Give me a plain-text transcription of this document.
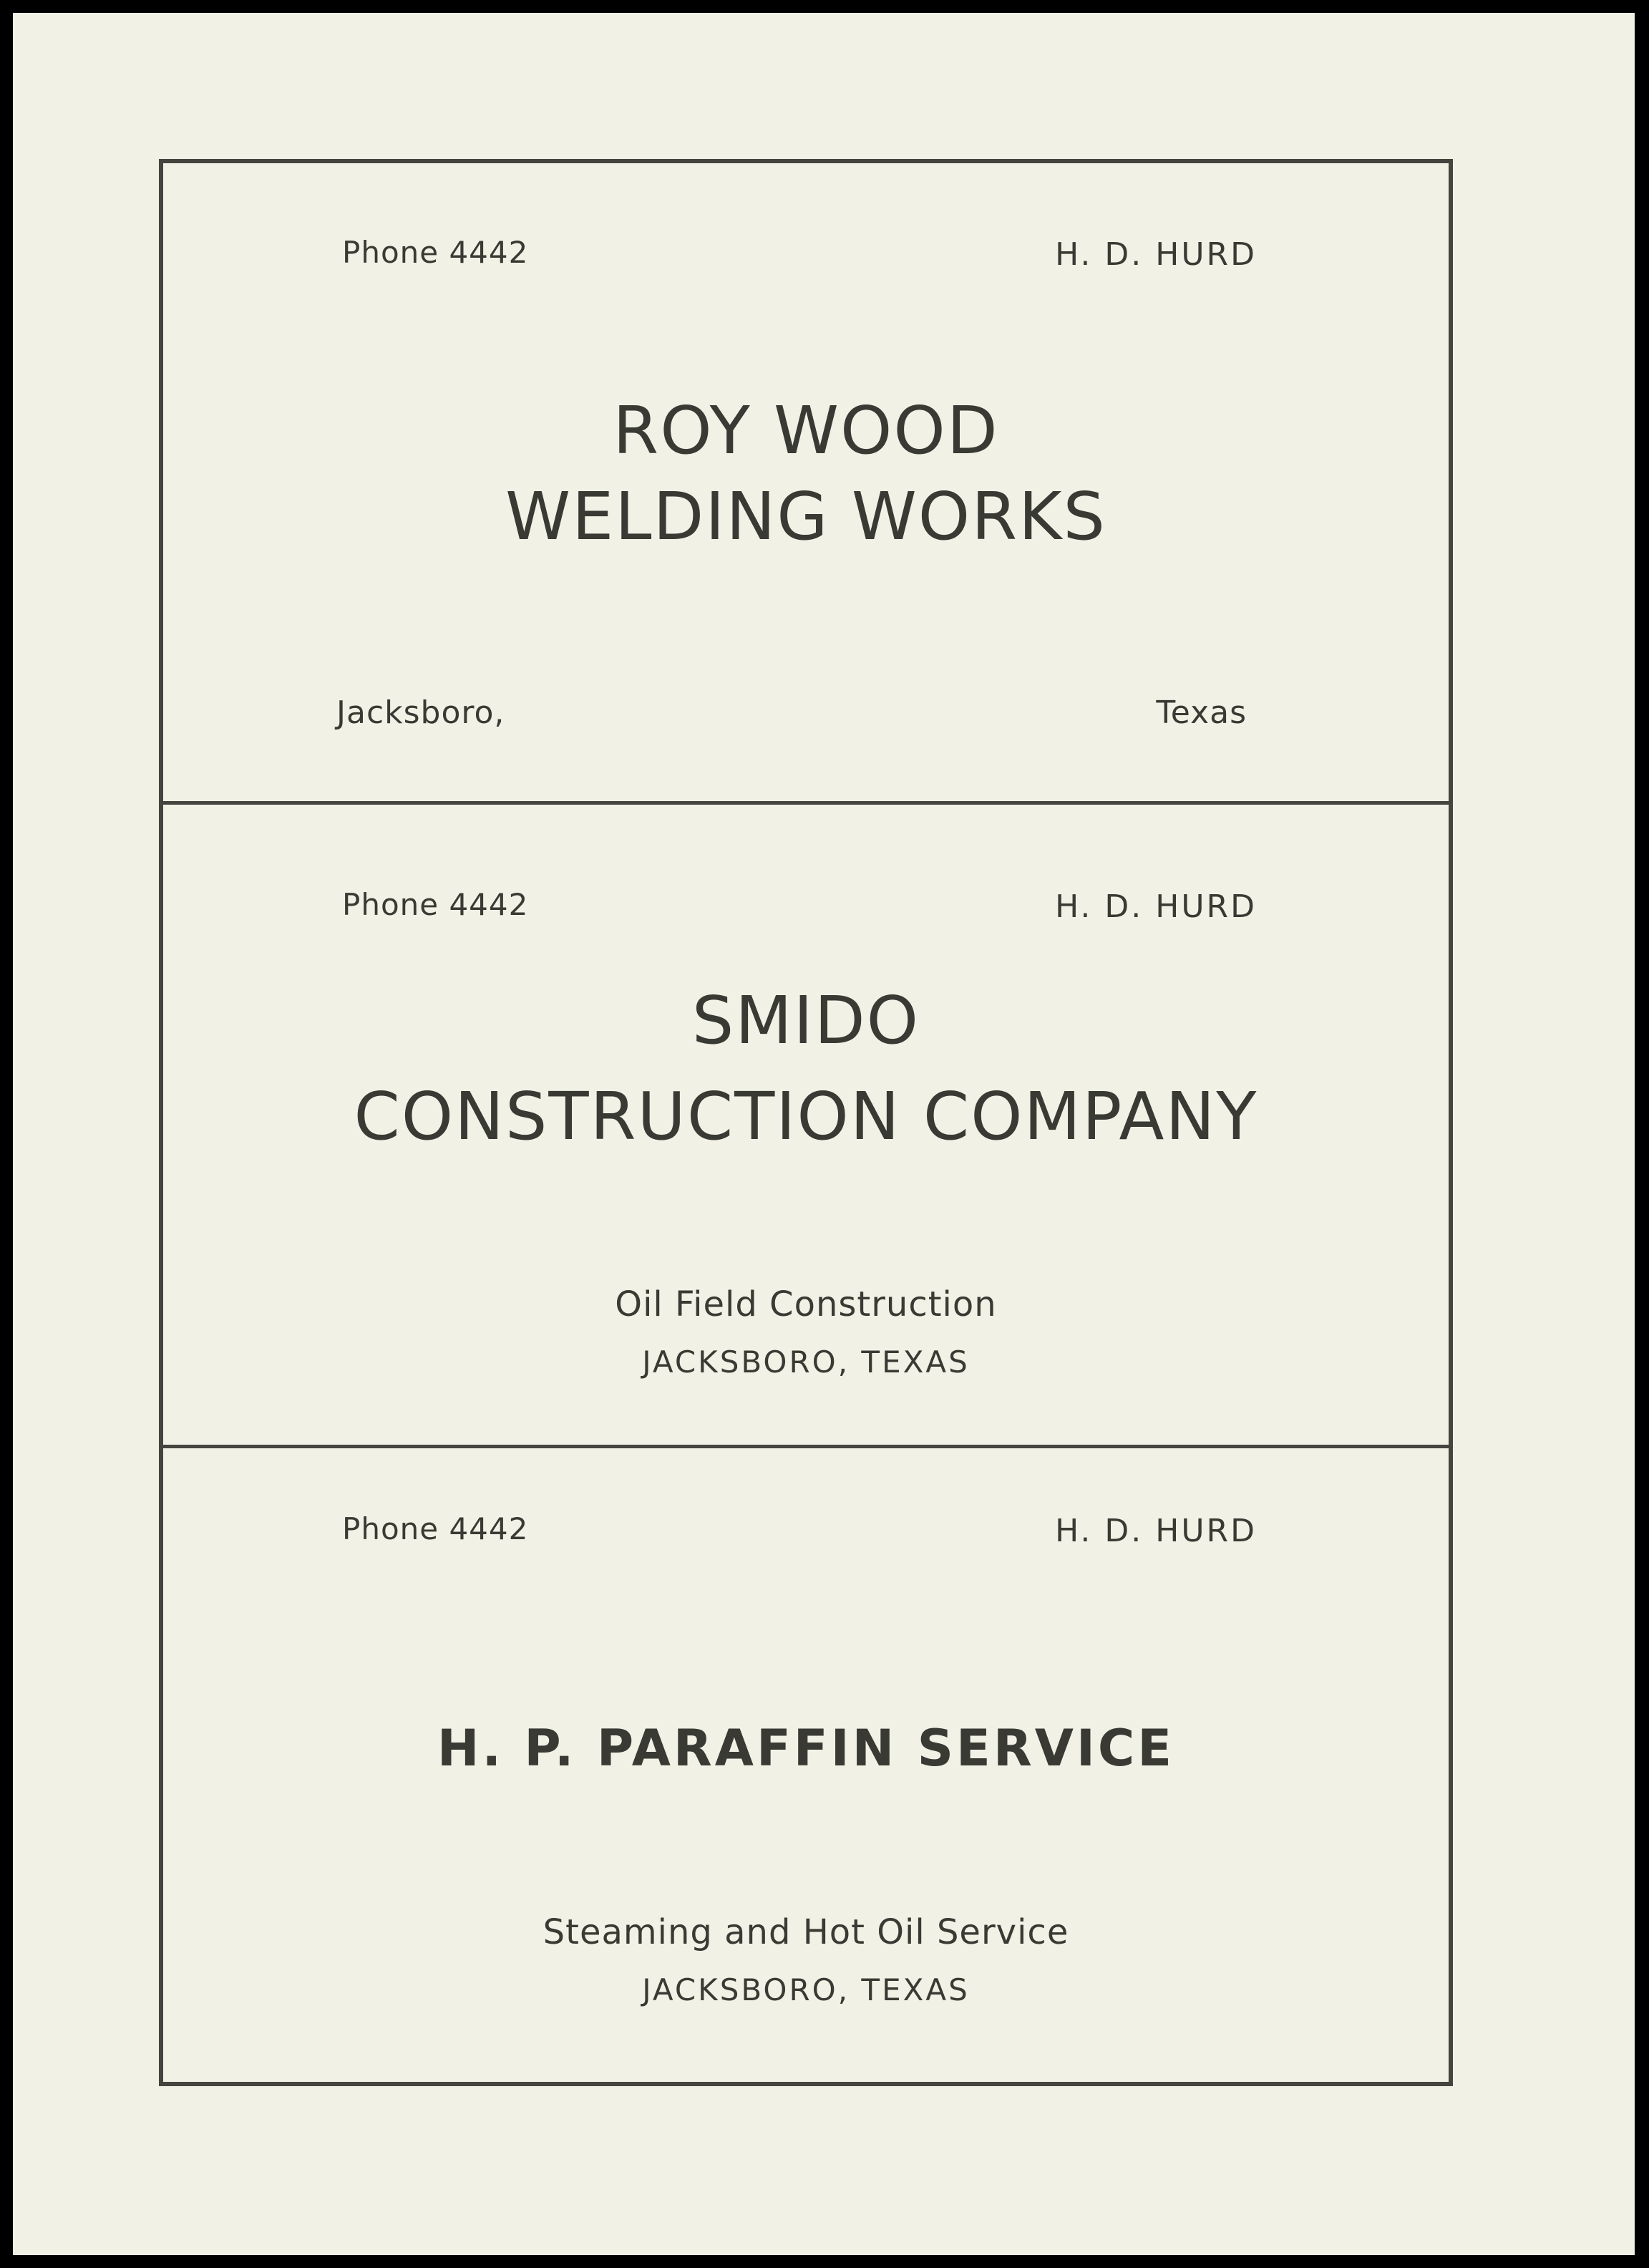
Phone 4442	H. D. HURD
ROY WOOD
WELDING WORKS
Jacksboro,	Texas
Phone 4442	H. D. HURD
SMIDO
CONSTRUCTION COMPANY
Oil Field Construction
JACKSBORO, TEXAS
Phone 4442	H. D. HURD
H. P. PARAFFIN SERVICE
Steaming and Hot Oil Service
JACKSBORO, TEXAS
